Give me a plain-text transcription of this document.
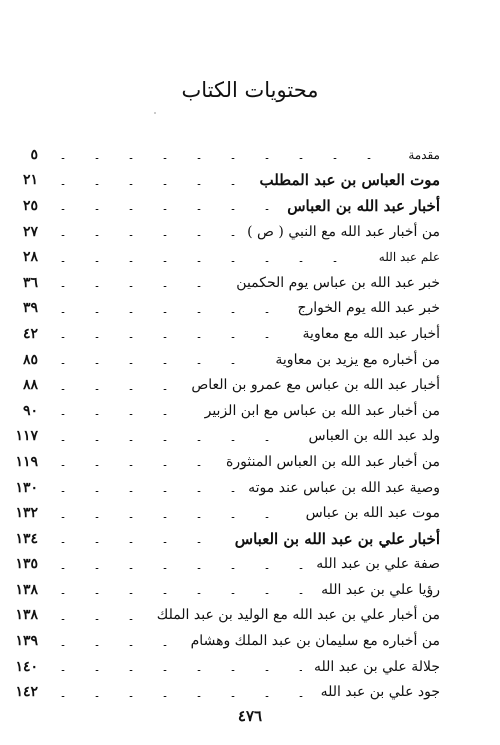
محتويات الكتاب
مقدمة
٥
موت العباس بن عبد المطلب
٢١
أخبار عبد الله بن العباس
٢٥
من أخبار عبد الله مع النبي ( ص )
٢٧
علم عبد الله
٢٨
خبر عبد الله بن عباس يوم الحكمين
٣٦
خبر عبد الله يوم الخوارج
٣٩
أخبار عبد الله مع معاوية
٤٢
من أخباره مع يزيد بن معاوية
٨٥
أخبار عبد الله بن عباس مع عمرو بن العاص
٨٨
من أخبار عبد الله بن عباس مع ابن الزبير
٩٠
ولد عبد الله بن العباس
١١٧
من أخبار عبد الله بن العباس المنثورة
١١٩
وصية عبد الله بن عباس عند موته
١٣٠
موت عبد الله بن عباس
١٣٢
أخبار علي بن عبد الله بن العباس
١٣٤
صفة علي بن عبد الله
١٣٥
رؤيا علي بن عبد الله
١٣٨
من أخبار علي بن عبد الله مع الوليد بن عبد الملك
١٣٨
من أخباره مع سليمان بن عبد الملك وهشام
١٣٩
جلالة علي بن عبد الله
١٤٠
جود علي بن عبد الله
١٤٢
٤٧٦
